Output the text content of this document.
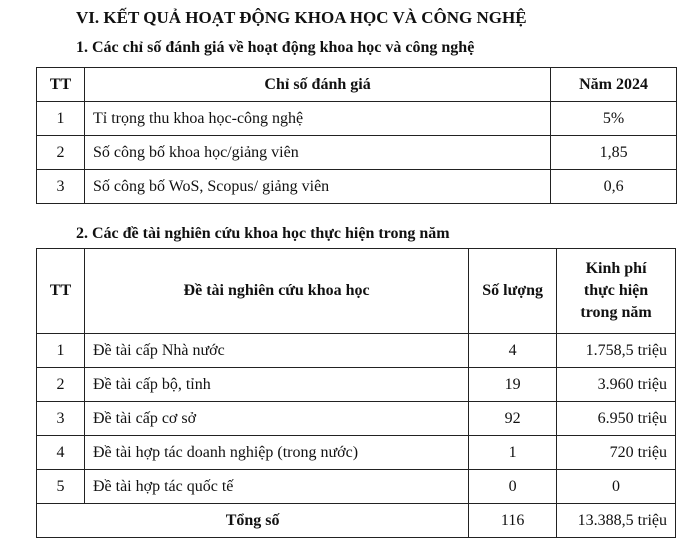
VI. KẾT QUẢ HOẠT ĐỘNG KHOA HỌC VÀ CÔNG NGHỆ
1. Các chỉ số đánh giá về hoạt động khoa học và công nghệ
TT	Chỉ số đánh giá	Năm 2024
1	Tỉ trọng thu khoa học-công nghệ	5%
2	Số công bố khoa học/giảng viên	1,85
3	Số công bố WoS, Scopus/ giảng viên	0,6
2. Các đề tài nghiên cứu khoa học thực hiện trong năm
TT	Đề tài nghiên cứu khoa học	Số lượng	Kinh phí
thực hiện
trong năm
1	Đề tài cấp Nhà nước	4	1.758,5 triệu
2	Đề tài cấp bộ, tỉnh	19	3.960 triệu
3	Đề tài cấp cơ sở	92	6.950 triệu
4	Đề tài hợp tác doanh nghiệp (trong nước)	1	720 triệu
5	Đề tài hợp tác quốc tế	0	0
Tổng số		116	13.388,5 triệu
